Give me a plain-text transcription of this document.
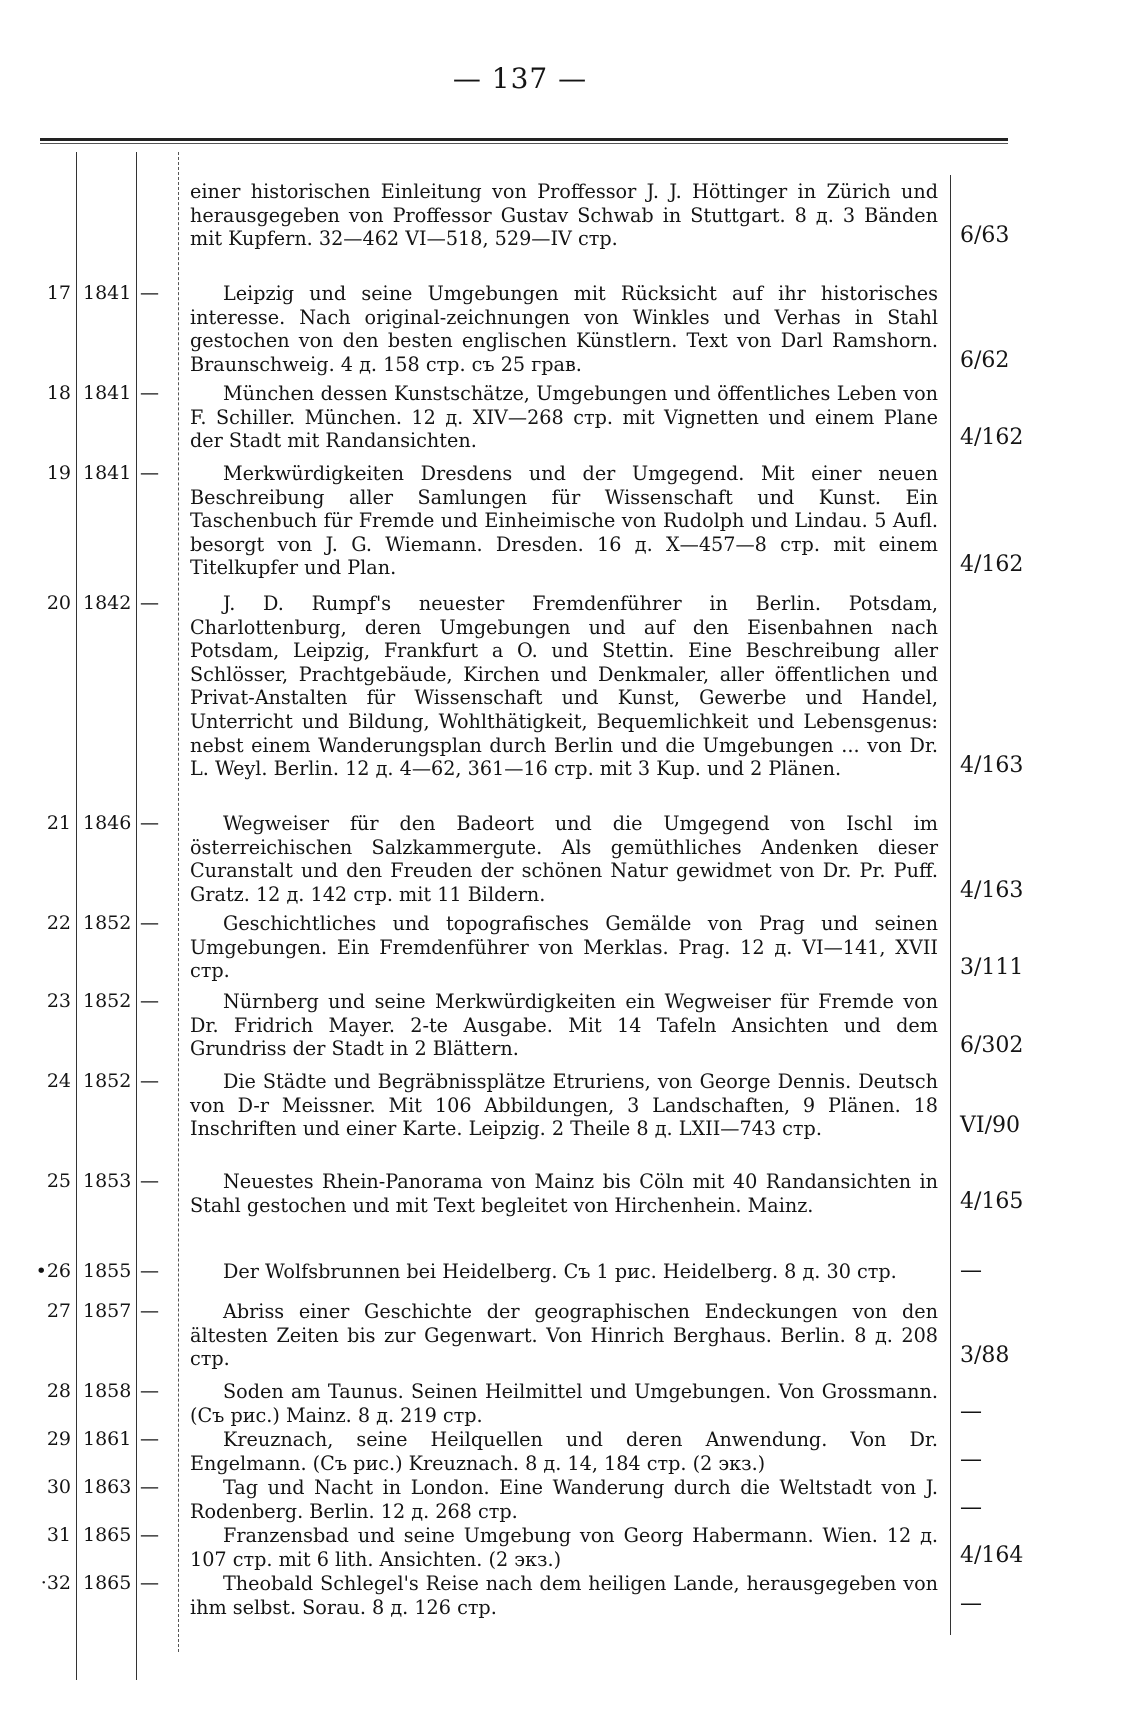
— 137 —
einer historischen Einleitung von Proffessor J. J. Höttinger in Zürich und herausgegeben von Proffessor Gustav Schwab in Stuttgart. 8 д. 3 Bänden mit Kupfern. 32—462 VI—518, 529—IV стр.	6/63
Leipzig und seine Umgebungen mit Rücksicht auf ihr historisches interesse. Nach original-zeichnungen von Winkles und Verhas in Stahl gestochen von den besten englischen Künstlern. Text von Darl Ramshorn. Braunschweig. 4 д. 158 стр. съ 25 грав.
17 1841 —
6/62
München dessen Kunstschätze, Umgebungen und öffentliches Leben von F. Schiller. München. 12 д. XIV—268 стр. mit Vignetten und einem Plane der Stadt mit Randansichten.
18 1841 —
4/162
Merkwürdigkeiten Dresdens und der Umgegend. Mit einer neuen Beschreibung aller Samlungen für Wissenschaft und Kunst. Ein Taschenbuch für Fremde und Einheimische von Rudolph und Lindau. 5 Aufl. besorgt von J. G. Wiemann. Dresden. 16 д. X—457—8 стр. mit einem Titelkupfer und Plan.
19 1841 —
4/162
J. D. Rumpf's neuester Fremdenführer in Berlin. Potsdam, Charlottenburg, deren Umgebungen und auf den Eisenbahnen nach Potsdam, Leipzig, Frankfurt a O. und Stettin. Eine Beschreibung aller Schlösser, Prachtgebäude, Kirchen und Denkmaler, aller öffentlichen und Privat-Anstalten für Wissenschaft und Kunst, Gewerbe und Handel, Unterricht und Bildung, Wohlthätigkeit, Bequemlichkeit und Lebensgenus: nebst einem Wanderungsplan durch Berlin und die Umgebungen ... von Dr. L. Weyl. Berlin. 12 д. 4—62, 361—16 стр. mit 3 Kup. und 2 Plänen.
20 1842 —
4/163
Wegweiser für den Badeort und die Umgegend von Ischl im österreichischen Salzkammergute. Als gemüthliches Andenken dieser Curanstalt und den Freuden der schönen Natur gewidmet von Dr. Pr. Puff. Gratz. 12 д. 142 стр. mit 11 Bildern.
21 1846 —
4/163
Geschichtliches und topografisches Gemälde von Prag und seinen Umgebungen. Ein Fremdenführer von Merklas. Prag. 12 д. VI—141, XVII стр.
22 1852 —
3/111
Nürnberg und seine Merkwürdigkeiten ein Wegweiser für Fremde von Dr. Fridrich Mayer. 2-te Ausgabe. Mit 14 Tafeln Ansichten und dem Grundriss der Stadt in 2 Blättern.
23 1852 —
6/302
Die Städte und Begräbnissplätze Etruriens, von George Dennis. Deutsch von D-r Meissner. Mit 106 Abbildungen, 3 Landschaften, 9 Plänen. 18 Inschriften und einer Karte. Leipzig. 2 Theile 8 д. LXII—743 стр.
24 1852 —
VI/90
Neuestes Rhein-Panorama von Mainz bis Cöln mit 40 Randansichten in Stahl gestochen und mit Text begleitet von Hirchenhein. Mainz.
25 1853 —
4/165
Der Wolfsbrunnen bei Heidelberg. Съ 1 рис. Heidelberg. 8 д. 30 стр.
•26 1855 —	—
Abriss einer Geschichte der geographischen Endeckungen von den ältesten Zeiten bis zur Gegenwart. Von Hinrich Berghaus. Berlin. 8 д. 208 стр.
27 1857 —
3/88
Soden am Taunus. Seinen Heilmittel und Umgebungen. Von Grossmann. (Съ рис.) Mainz. 8 д. 219 стр.
28 1858 —
—
Kreuznach, seine Heilquellen und deren Anwendung. Von Dr. Engelmann. (Съ рис.) Kreuznach. 8 д. 14, 184 стр. (2 экз.)
29 1861 —
—
Tag und Nacht in London. Eine Wanderung durch die Weltstadt von J. Rodenberg. Berlin. 12 д. 268 стр.
30 1863 —
—
Franzensbad und seine Umgebung von Georg Habermann. Wien. 12 д. 107 стр. mit 6 lith. Ansichten. (2 экз.)
31 1865 —
4/164
Theobald Schlegel's Reise nach dem heiligen Lande, herausgegeben von ihm selbst. Sorau. 8 д. 126 стр.
·32 1865 —
—
